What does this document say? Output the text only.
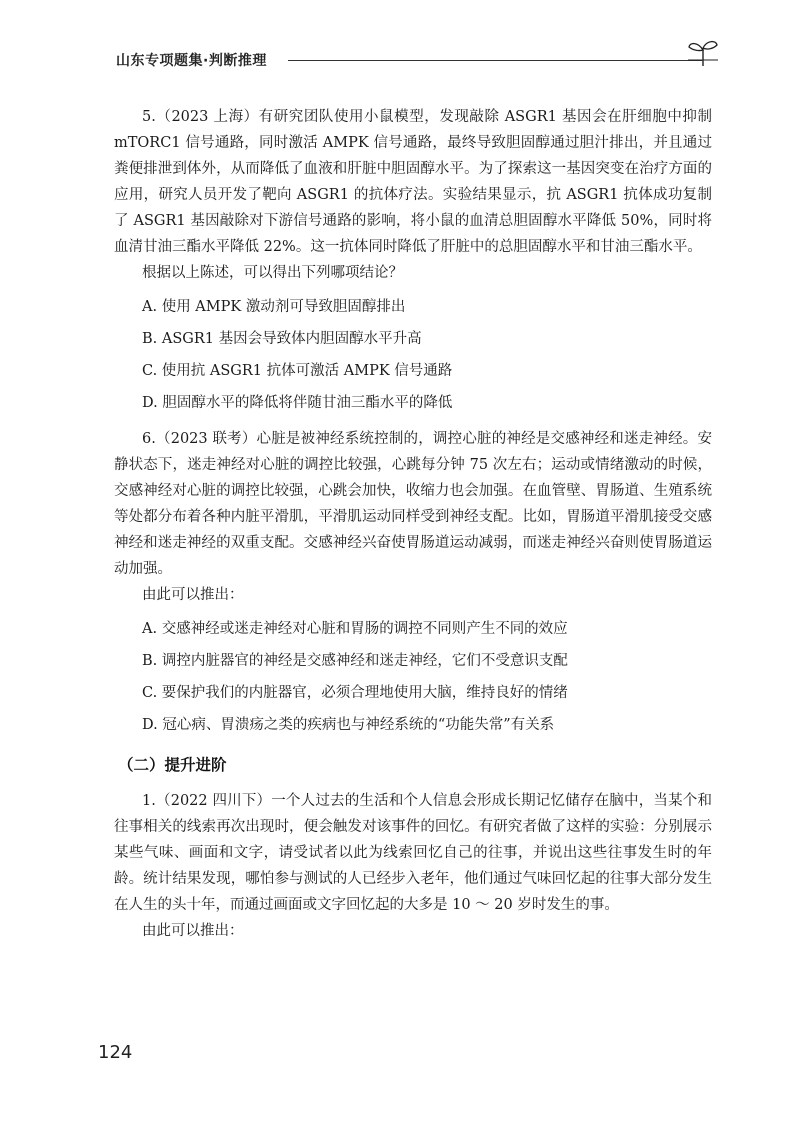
山东专项题集·判断推理

5.（2023 上海）有研究团队使用小鼠模型，发现敲除 ASGR1 基因会在肝细胞中抑制 mTORC1 信号通路，同时激活 AMPK 信号通路，最终导致胆固醇通过胆汁排出，并且通过粪便排泄到体外，从而降低了血液和肝脏中胆固醇水平。为了探索这一基因突变在治疗方面的应用，研究人员开发了靶向 ASGR1 的抗体疗法。实验结果显示，抗 ASGR1 抗体成功复制了 ASGR1 基因敲除对下游信号通路的影响，将小鼠的血清总胆固醇水平降低 50%，同时将血清甘油三酯水平降低 22%。这一抗体同时降低了肝脏中的总胆固醇水平和甘油三酯水平。

根据以上陈述，可以得出下列哪项结论？

A. 使用 AMPK 激动剂可导致胆固醇排出

B. ASGR1 基因会导致体内胆固醇水平升高

C. 使用抗 ASGR1 抗体可激活 AMPK 信号通路

D. 胆固醇水平的降低将伴随甘油三酯水平的降低

6.（2023 联考）心脏是被神经系统控制的，调控心脏的神经是交感神经和迷走神经。安静状态下，迷走神经对心脏的调控比较强，心跳每分钟 75 次左右；运动或情绪激动的时候，交感神经对心脏的调控比较强，心跳会加快，收缩力也会加强。在血管壁、胃肠道、生殖系统等处都分布着各种内脏平滑肌，平滑肌运动同样受到神经支配。比如，胃肠道平滑肌接受交感神经和迷走神经的双重支配。交感神经兴奋使胃肠道运动减弱，而迷走神经兴奋则使胃肠道运动加强。

由此可以推出：

A. 交感神经或迷走神经对心脏和胃肠的调控不同则产生不同的效应

B. 调控内脏器官的神经是交感神经和迷走神经，它们不受意识支配

C. 要保护我们的内脏器官，必须合理地使用大脑，维持良好的情绪

D. 冠心病、胃溃疡之类的疾病也与神经系统的“功能失常”有关系

（二）提升进阶

1.（2022 四川下）一个人过去的生活和个人信息会形成长期记忆储存在脑中，当某个和往事相关的线索再次出现时，便会触发对该事件的回忆。有研究者做了这样的实验：分别展示某些气味、画面和文字，请受试者以此为线索回忆自己的往事，并说出这些往事发生时的年龄。统计结果发现，哪怕参与测试的人已经步入老年，他们通过气味回忆起的往事大部分发生在人生的头十年，而通过画面或文字回忆起的大多是 10 ～ 20 岁时发生的事。

由此可以推出：

124
